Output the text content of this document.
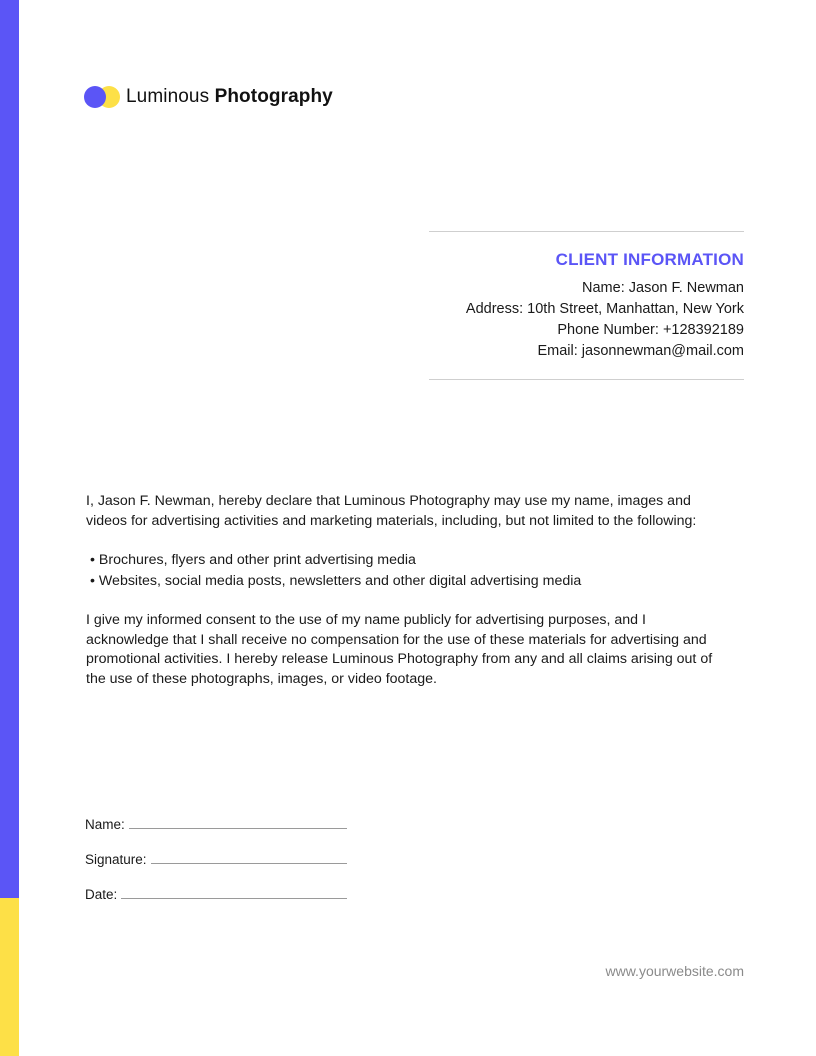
Luminous Photography
CLIENT INFORMATION
Name: Jason F. Newman
Address: 10th Street, Manhattan, New York
Phone Number: +128392189
Email: jasonnewman@mail.com

I, Jason F. Newman, hereby declare that Luminous Photography may use my name, images and videos for advertising activities and marketing materials, including, but not limited to the following:

• Brochures, flyers and other print advertising media
• Websites, social media posts, newsletters and other digital advertising media

I give my informed consent to the use of my name publicly for advertising purposes, and I acknowledge that I shall receive no compensation for the use of these materials for advertising and promotional activities. I hereby release Luminous Photography from any and all claims arising out of the use of these photographs, images, or video footage.

Name:
Signature:
Date:
www.yourwebsite.com
